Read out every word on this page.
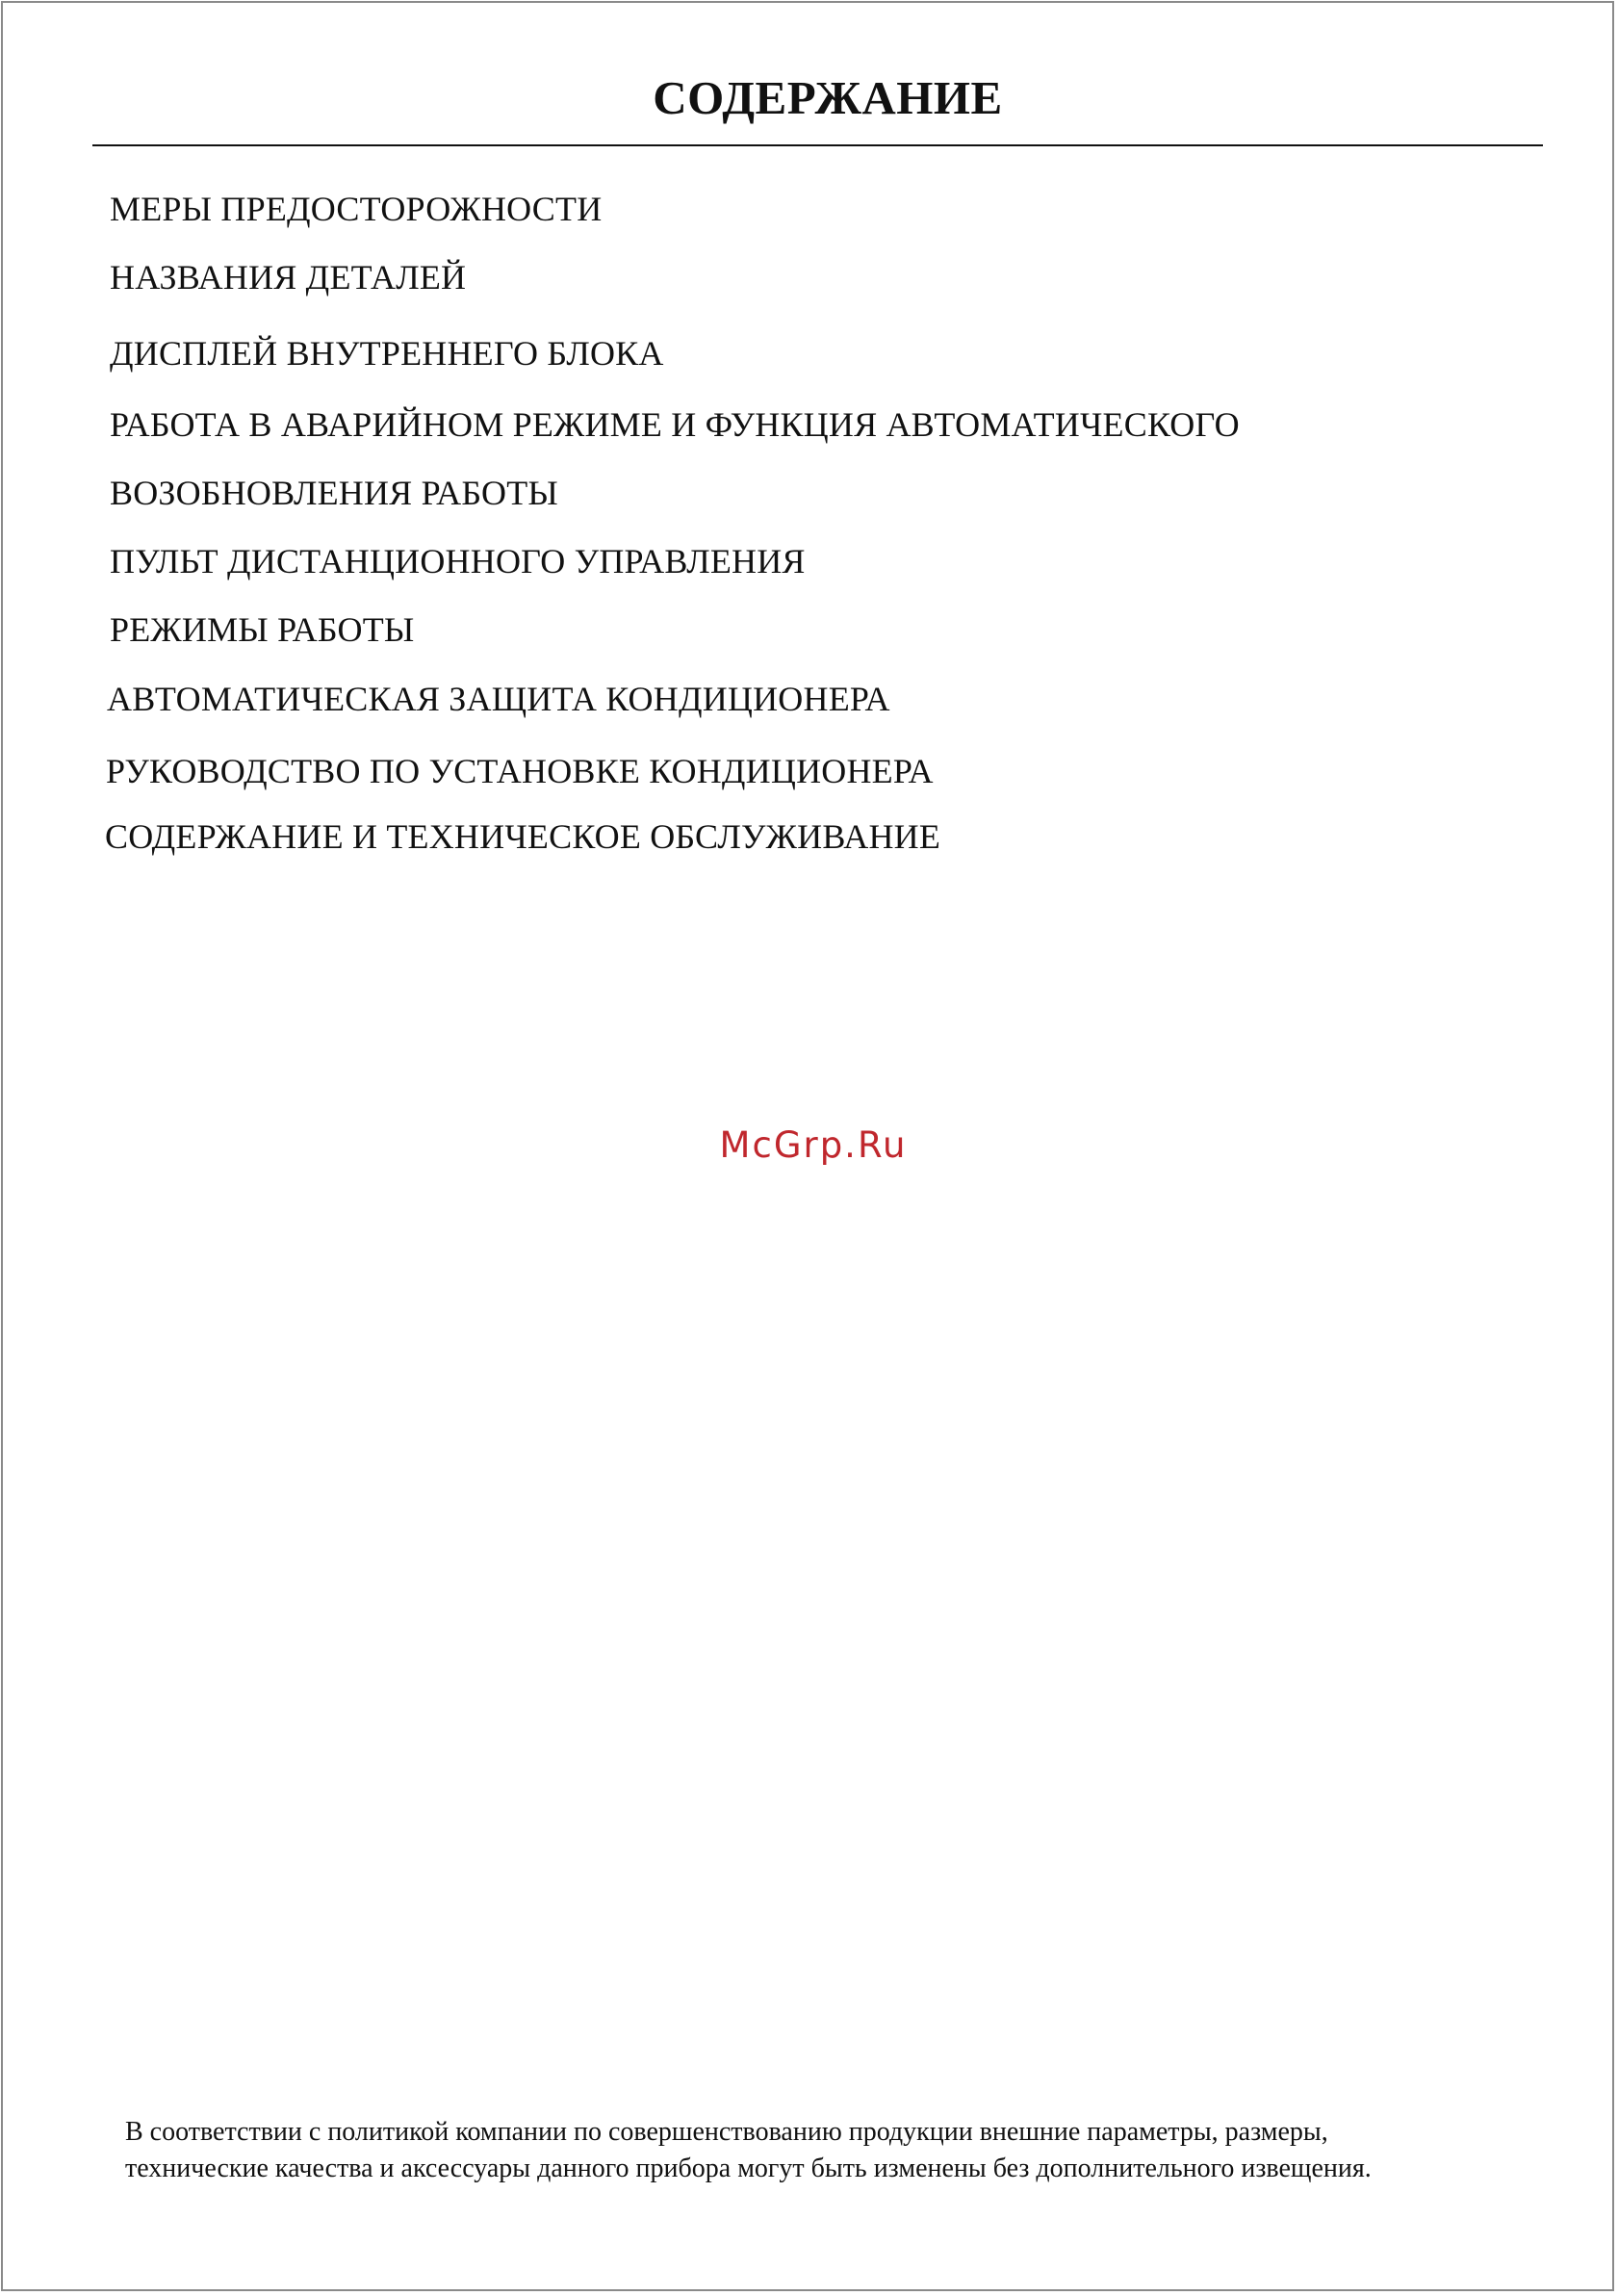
СОДЕРЖАНИЕ
МЕРЫ ПРЕДОСТОРОЖНОСТИ
НАЗВАНИЯ ДЕТАЛЕЙ
ДИСПЛЕЙ ВНУТРЕННЕГО БЛОКА
РАБОТА В АВАРИЙНОМ РЕЖИМЕ И ФУНКЦИЯ АВТОМАТИЧЕСКОГО
ВОЗОБНОВЛЕНИЯ РАБОТЫ
ПУЛЬТ ДИСТАНЦИОННОГО УПРАВЛЕНИЯ
РЕЖИМЫ РАБОТЫ
АВТОМАТИЧЕСКАЯ ЗАЩИТА КОНДИЦИОНЕРА
РУКОВОДСТВО ПО УСТАНОВКЕ КОНДИЦИОНЕРА
СОДЕРЖАНИЕ И ТЕХНИЧЕСКОЕ ОБСЛУЖИВАНИЕ
McGrp.Ru
В соответствии с политикой компании по совершенствованию продукции внешние параметры, размеры,
технические качества и аксессуары данного прибора могут быть изменены без дополнительного извещения.
